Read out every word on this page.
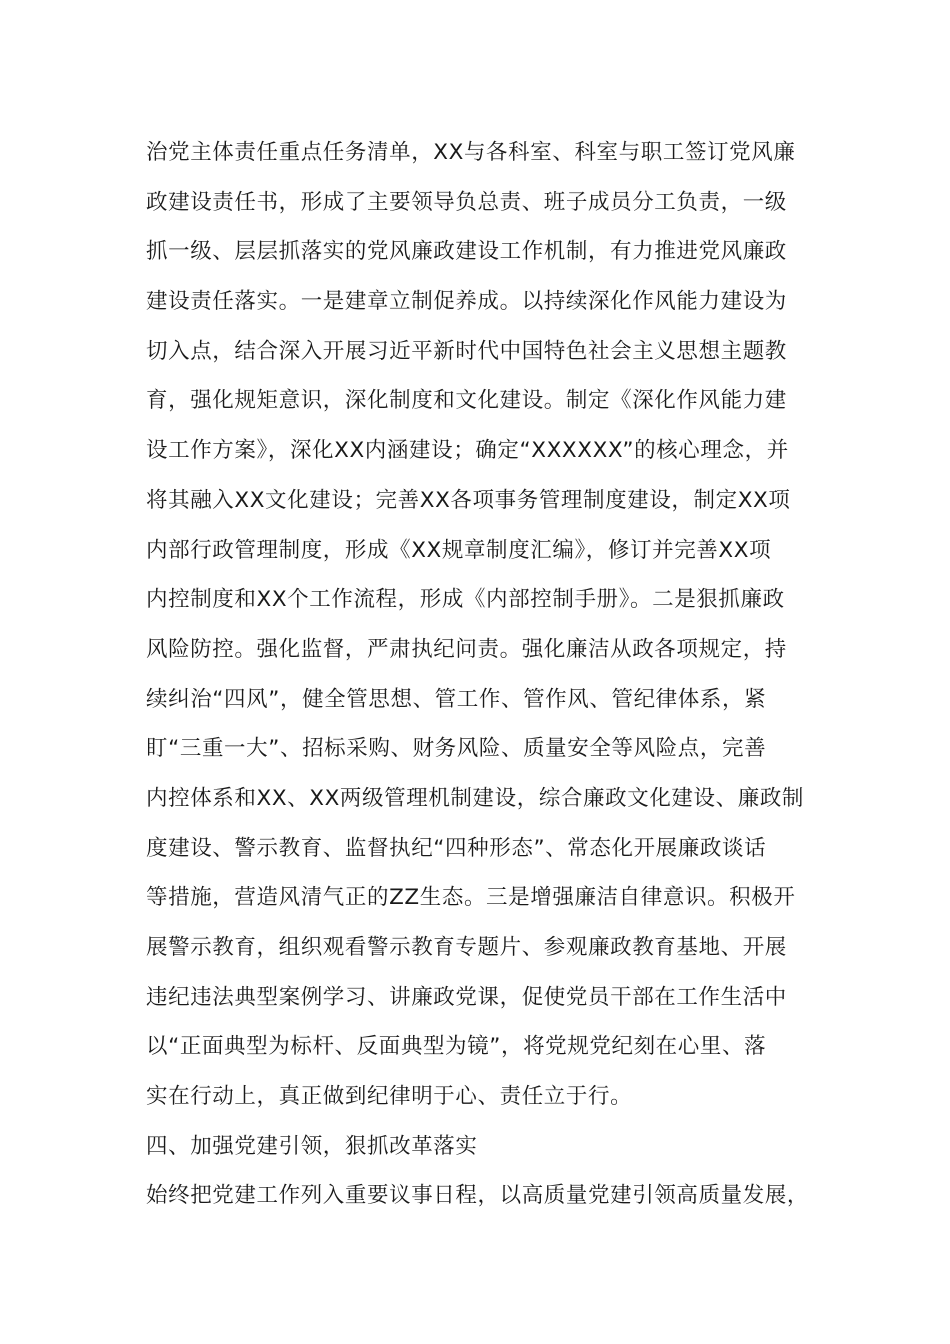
治党主体责任重点任务清单，XX与各科室、科室与职工签订党风廉
政建设责任书，形成了主要领导负总责、班子成员分工负责，一级
抓一级、层层抓落实的党风廉政建设工作机制，有力推进党风廉政
建设责任落实。一是建章立制促养成。以持续深化作风能力建设为
切入点，结合深入开展习近平新时代中国特色社会主义思想主题教
育，强化规矩意识，深化制度和文化建设。制定《深化作风能力建
设工作方案》，深化XX内涵建设；确定“XXXXXX”的核心理念，并
将其融入XX文化建设；完善XX各项事务管理制度建设，制定XX项
内部行政管理制度，形成《XX规章制度汇编》，修订并完善XX项
内控制度和XX个工作流程，形成《内部控制手册》。二是狠抓廉政
风险防控。强化监督，严肃执纪问责。强化廉洁从政各项规定，持
续纠治“四风”，健全管思想、管工作、管作风、管纪律体系，紧
盯“三重一大”、招标采购、财务风险、质量安全等风险点，完善
内控体系和XX、XX两级管理机制建设，综合廉政文化建设、廉政制
度建设、警示教育、监督执纪“四种形态”、常态化开展廉政谈话
等措施，营造风清气正的ZZ生态。三是增强廉洁自律意识。积极开
展警示教育，组织观看警示教育专题片、参观廉政教育基地、开展
违纪违法典型案例学习、讲廉政党课，促使党员干部在工作生活中
以“正面典型为标杆、反面典型为镜”，将党规党纪刻在心里、落
实在行动上，真正做到纪律明于心、责任立于行。
四、加强党建引领，狠抓改革落实
始终把党建工作列入重要议事日程，以高质量党建引领高质量发展，
